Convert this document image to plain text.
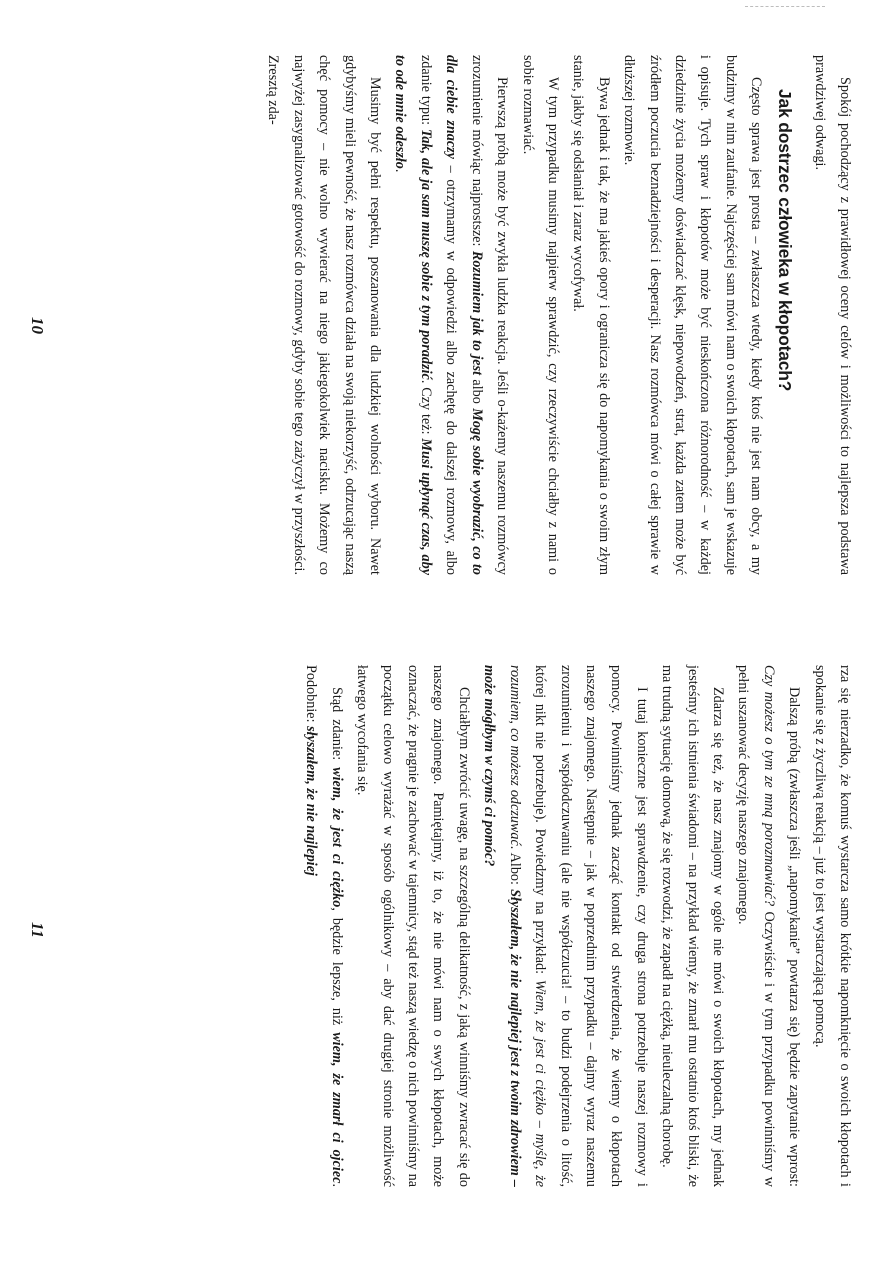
Spokój pochodzący z prawidłowej oceny celów i możliwości to najlepsza podstawa prawdziwej odwagi.

Jak dostrzec człowieka w kłopotach?

Często sprawa jest prosta – zwłaszcza wtedy, kiedy ktoś nie jest nam obcy, a my budzimy w nim zaufanie. Najczęściej sam mówi nam o swoich kłopotach, sam je wskazuje i opisuje. Tych spraw i kłopotów może być nieskończona różnorodność – w każdej dziedzinie życia możemy doświadczać klęsk, niepowodzeń, strat, każda zatem może być źródłem poczucia beznadziejności i desperacji. Nasz rozmówca mówi o całej sprawie w dłuższej rozmowie.

Bywa jednak i tak, że ma jakieś opory i ogranicza się do napomykania o swoim złym stanie, jakby się odsłaniał i zaraz wycofywał.

W tym przypadku musimy najpierw sprawdzić, czy rzeczywiście chciałby z nami o sobie rozmawiać.

Pierwszą próbą może być zwykła ludzka reakcja. Jeśli o-każemy naszemu rozmówcy zrozumienie mówiąc najprostsze: Rozumiem jak to jest albo Mogę sobie wyobrazić, co to dla ciebie znaczy – otrzymamy w odpowiedzi albo zachętę do dalszej rozmowy, albo zdanie typu: Tak, ale ja sam muszę sobie z tym poradzić. Czy też: Musi upłynąć czas, aby to ode mnie odeszło.

Musimy być pełni respektu, poszanowania dla ludzkiej wolności wyboru. Nawet gdybyśmy mieli pewność, że nasz rozmówca działa na swoją niekorzyść, odrzucając naszą chęć pomocy – nie wolno wywierać na niego jakiegokolwiek nacisku. Możemy co najwyżej zasygnalizować gotowość do rozmowy, gdyby sobie tego zażyczył w przyszłości. Zresztą zda-

10

rza się nierzadko, że komuś wystarcza samo krótkie napomknięcie o swoich kłopotach i spokanie się z życzliwą reakcją – już to jest wystarczającą pomocą.

Dalszą próbą (zwłaszcza jeśli „napomykanie” powtarza się) będzie zapytanie wprost: Czy możesz o tym ze mną porozmawiać? Oczywiście i w tym przypadku powinniśmy w pełni uszanować decyzję naszego znajomego.

Zdarza się też, że nasz znajomy w ogóle nie mówi o swoich kłopotach, my jednak jesteśmy ich istnienia świadomi – na przykład wiemy, że zmarł mu ostatnio ktoś bliski, że ma trudną sytuację domową, że się rozwodzi, że zapadł na ciężką, nieuleczalną chorobę.

I tutaj konieczne jest sprawdzenie, czy druga strona potrzebuje naszej rozmowy i pomocy. Powinniśmy jednak zacząć kontakt od stwierdzenia, że wiemy o kłopotach naszego znajomego. Następnie – jak w poprzednim przypadku – dajmy wyraz naszemu zrozumieniu i współodczuwaniu (ale nie współczucia! – to budzi podejrzenia o litość, której nikt nie potrzebuje). Powiedzmy na przykład: Wiem, że jest ci ciężko – myślę, że rozumiem, co możesz odczuwać. Albo: Słyszałem, że nie najlepiej jest z twoim zdrowiem – może mógłbym w czymś ci pomóc?

Chciałbym zwrócić uwagę, na szczególną delikatność, z jaką winniśmy zwracać się do naszego znajomego. Pamiętajmy, iż to, że nie mówi nam o swych kłopotach, może oznaczać, że pragnie je zachować w tajemnicy, stąd też naszą wiedzę o nich powinniśmy na początku celowo wyrażać w sposób ogólnikowy – aby dać drugiej stronie możliwość łatwego wycofania się.

Stąd zdanie: wiem, że jest ci ciężko, będzie lepsze, niż wiem, że zmarł ci ojciec. Podobnie: słyszałem, że nie najlepiej

11
